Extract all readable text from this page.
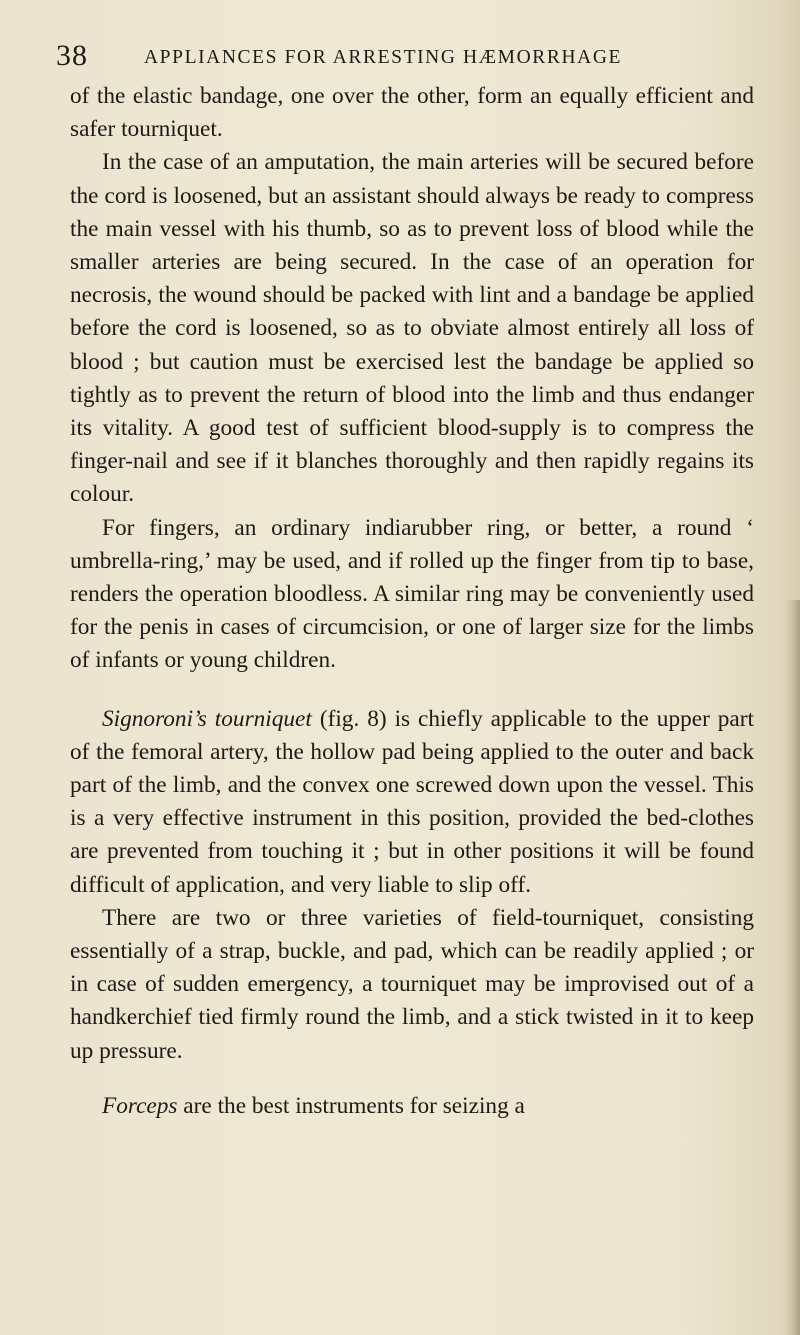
38	APPLIANCES FOR ARRESTING HÆMORRHAGE

of the elastic bandage, one over the other, form an equally efficient and safer tourniquet.

In the case of an amputation, the main arteries will be secured before the cord is loosened, but an assistant should always be ready to compress the main vessel with his thumb, so as to prevent loss of blood while the smaller arteries are being secured. In the case of an operation for necrosis, the wound should be packed with lint and a bandage be applied before the cord is loosened, so as to obviate almost entirely all loss of blood ; but caution must be exercised lest the bandage be applied so tightly as to prevent the return of blood into the limb and thus endanger its vitality. A good test of sufficient blood-supply is to compress the finger-nail and see if it blanches thoroughly and then rapidly regains its colour.

For fingers, an ordinary indiarubber ring, or better, a round ‘ umbrella-ring,’ may be used, and if rolled up the finger from tip to base, renders the operation bloodless. A similar ring may be conveniently used for the penis in cases of circumcision, or one of larger size for the limbs of infants or young children.

Signoroni’s tourniquet (fig. 8) is chiefly applicable to the upper part of the femoral artery, the hollow pad being applied to the outer and back part of the limb, and the convex one screwed down upon the vessel. This is a very effective instrument in this position, provided the bed-clothes are prevented from touching it ; but in other positions it will be found difficult of application, and very liable to slip off.

There are two or three varieties of field-tourniquet, consisting essentially of a strap, buckle, and pad, which can be readily applied ; or in case of sudden emergency, a tourniquet may be improvised out of a handkerchief tied firmly round the limb, and a stick twisted in it to keep up pressure.

Forceps are the best instruments for seizing a
